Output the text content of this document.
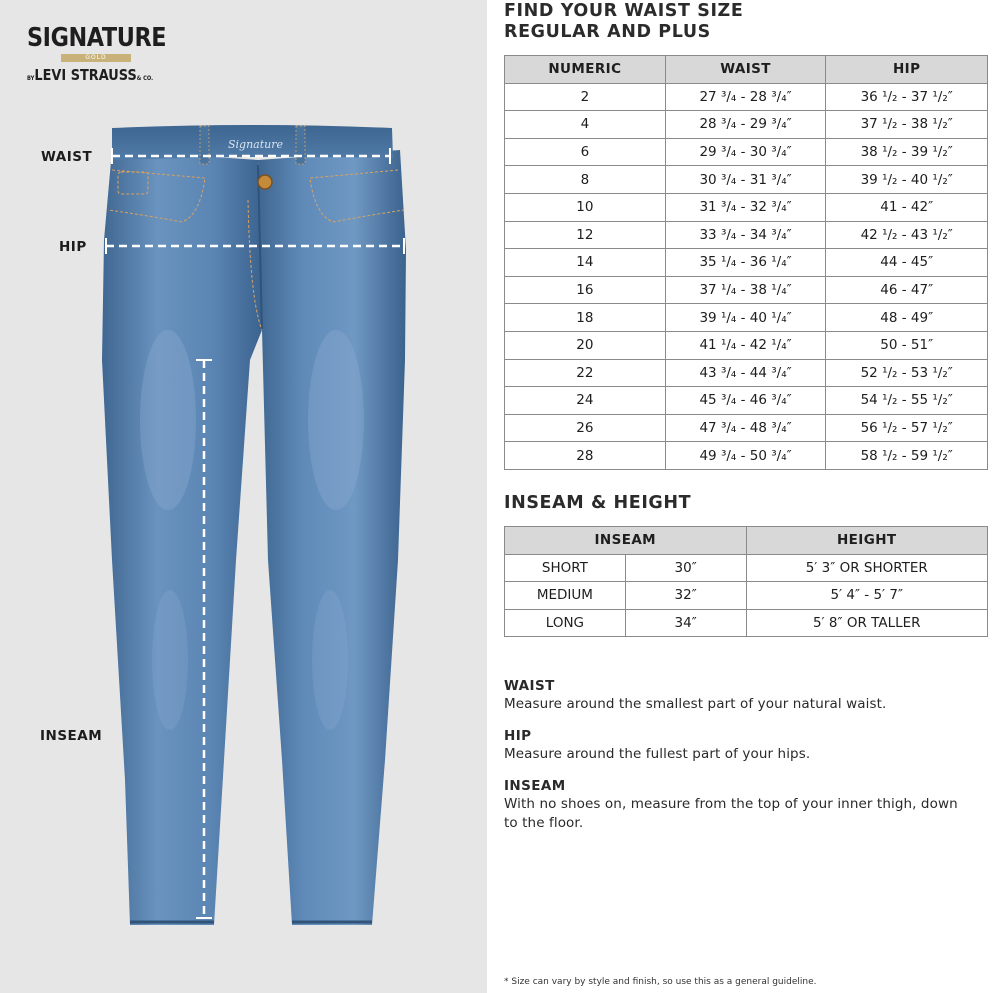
SIGNATURE
GOLD
BYLEVI STRAUSS& CO.
Signature
WAIST
HIP
INSEAM
FIND YOUR WAIST SIZE
REGULAR AND PLUS
NUMERIC	WAIST	HIP
2	27 ³/₄ - 28 ³/₄″	36 ¹/₂ - 37 ¹/₂″
4	28 ³/₄ - 29 ³/₄″	37 ¹/₂ - 38 ¹/₂″
6	29 ³/₄ - 30 ³/₄″	38 ¹/₂ - 39 ¹/₂″
8	30 ³/₄ - 31 ³/₄″	39 ¹/₂ - 40 ¹/₂″
10	31 ³/₄ - 32 ³/₄″	41 - 42″
12	33 ³/₄ - 34 ³/₄″	42 ¹/₂ - 43 ¹/₂″
14	35 ¹/₄ - 36 ¹/₄″	44 - 45″
16	37 ¹/₄ - 38 ¹/₄″	46 - 47″
18	39 ¹/₄ - 40 ¹/₄″	48 - 49″
20	41 ¹/₄ - 42 ¹/₄″	50 - 51″
22	43 ³/₄ - 44 ³/₄″	52 ¹/₂ - 53 ¹/₂″
24	45 ³/₄ - 46 ³/₄″	54 ¹/₂ - 55 ¹/₂″
26	47 ³/₄ - 48 ³/₄″	56 ¹/₂ - 57 ¹/₂″
28	49 ³/₄ - 50 ³/₄″	58 ¹/₂ - 59 ¹/₂″
INSEAM & HEIGHT
INSEAM		HEIGHT
SHORT	30″	5′ 3″ OR SHORTER
MEDIUM	32″	5′ 4″ - 5′ 7″
LONG	34″	5′ 8″ OR TALLER
WAIST
Measure around the smallest part of your natural waist.
HIP
Measure around the fullest part of your hips.
INSEAM
With no shoes on, measure from the top of your inner thigh, down to the floor.
* Size can vary by style and finish, so use this as a general guideline.
